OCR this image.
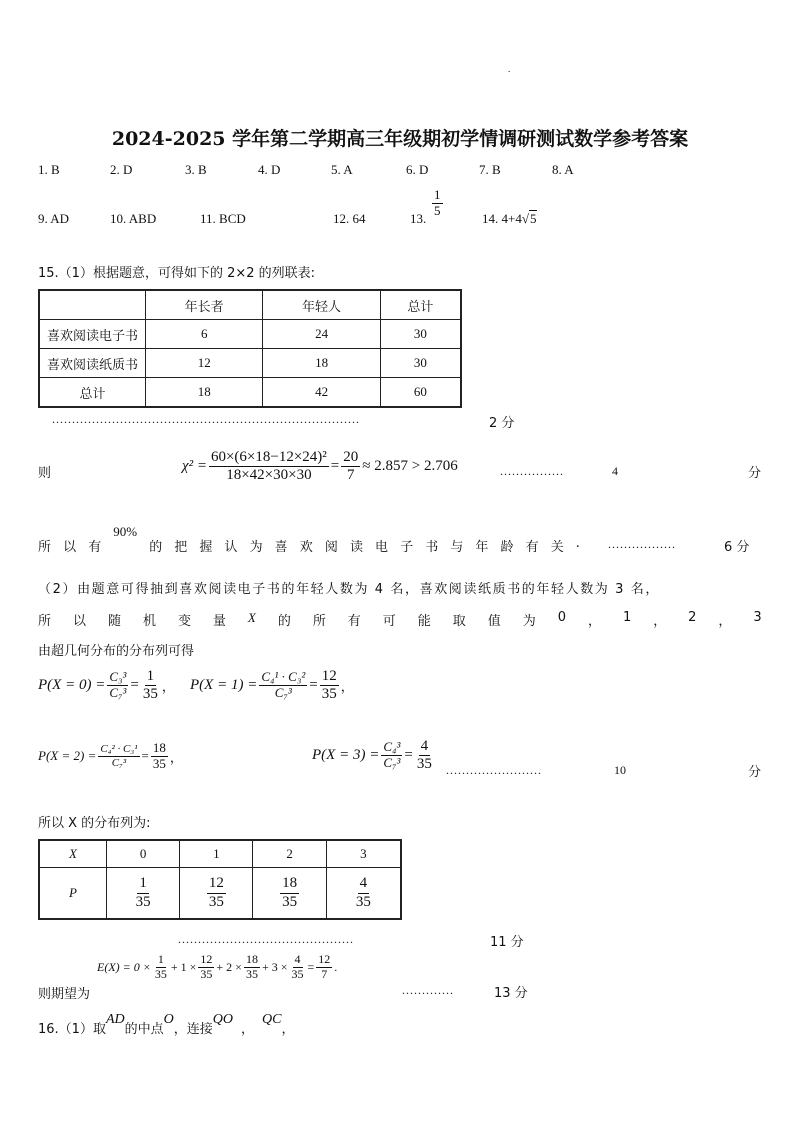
.
2024-2025 学年第二学期高三年级期初学情调研测试数学参考答案
1. B	2. D	3. B	4. D	5. A	6. D	7. B	8. A
9. AD	10. ABD	11. BCD	12. 64	13. $\frac{1}{5}$	14. 4+4√5
15.（1）根据题意，可得如下的 2×2 的列联表:
	年长者	年轻人	总计
喜欢阅读电子书	6	24	30
喜欢阅读纸质书	12	18	30
总计	18	42	60
.............................................................................	2 分
则	$\chi^2 = \frac{\text{60×(6×18−12×24)²}}{18\times 42\times 30\times 30} = \frac{20}{7} \approx 2.857 > 2.706$	................	4	分
所 以 有
90%
的 把 握 认 为 喜 欢 阅 读 电 子 书 与 年 龄 有 关 . .................	6 分
（2）由题意可得抽到喜欢阅读电子书的年轻人数为 4 名，喜欢阅读纸质书的年轻人数为 3 名，
所 以 随 机 变 量 X 的 所 有 可 能 取 值 为 0 ， 1 ， 2 ， 3
由超几何分布的分布列可得
$P(X = 0) = \frac{\text{C₃³}}{\text{C₇³}} = \frac{1}{35}$ ， $P(X = 1) = \frac{\text{C₄¹ · C₃²}}{\text{C₇³}} = \frac{12}{35}$ ，
$P(X = 2) = \frac{\text{C₄² · C₃¹}}{\text{C₇³}} = \frac{18}{35}$ ，	$P(X = 3) = \frac{\text{C₄³}}{\text{C₇³}} = \frac{4}{35}$ ........................	10	分
所以 X 的分布列为:
X	0	1	2	3
P	$\frac{1}{35}$	$\frac{12}{35}$	$\frac{18}{35}$	$\frac{4}{35}$
............................................	11 分
则期望为
$E(X) = 0 \times \frac{1}{35} + 1 \times \frac{12}{35} + 2 \times \frac{18}{35} + 3 \times \frac{4}{35} = \frac{12}{7}$ .
.............	13 分
16.（1）取
AD
的中点
O
，连接
QO
，
QC
，
